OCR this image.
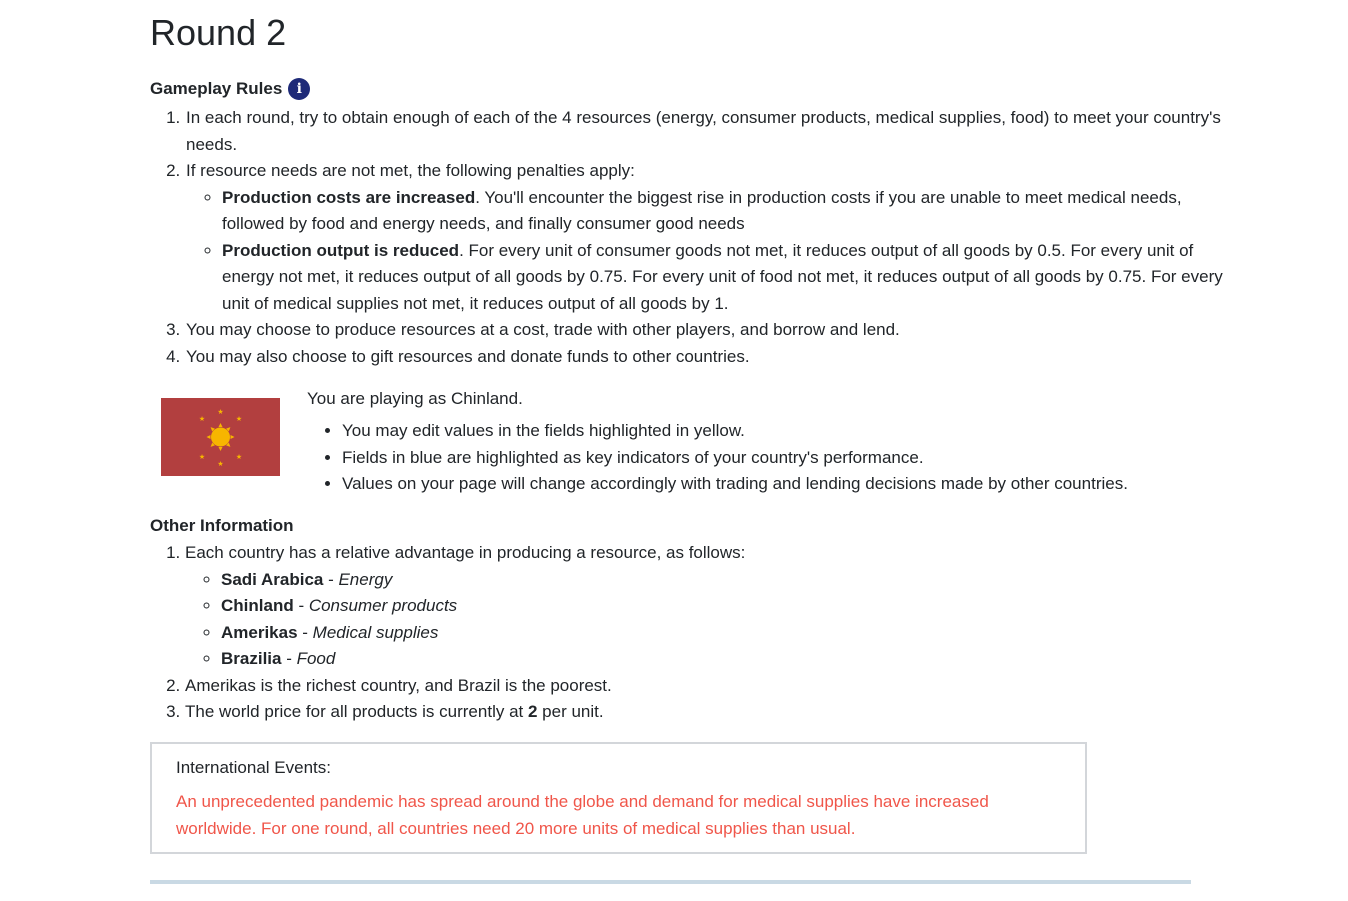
Round 2
Gameplay Rules	i
1. In each round, try to obtain enough of each of the 4 resources (energy, consumer products, medical supplies, food) to meet your country's needs.
2. If resource needs are not met, the following penalties apply:
◦ Production costs are increased. You'll encounter the biggest rise in production costs if you are unable to meet medical needs, followed by food and energy needs, and finally consumer good needs
◦ Production output is reduced. For every unit of consumer goods not met, it reduces output of all goods by 0.5. For every unit of energy not met, it reduces output of all goods by 0.75. For every unit of food not met, it reduces output of all goods by 0.75. For every unit of medical supplies not met, it reduces output of all goods by 1.
3. You may choose to produce resources at a cost, trade with other players, and borrow and lend.
4. You may also choose to gift resources and donate funds to other countries.
★
★	★
★	★
★
You are playing as Chinland.
• You may edit values in the fields highlighted in yellow.
• Fields in blue are highlighted as key indicators of your country's performance.
• Values on your page will change accordingly with trading and lending decisions made by other countries.
Other Information
1. Each country has a relative advantage in producing a resource, as follows:
◦ Sadi Arabica - Energy
◦ Chinland - Consumer products
◦ Amerikas - Medical supplies
◦ Brazilia - Food
2. Amerikas is the richest country, and Brazil is the poorest.
3. The world price for all products is currently at 2 per unit.
International Events:
An unprecedented pandemic has spread around the globe and demand for medical supplies have increased worldwide. For one round, all countries need 20 more units of medical supplies than usual.
